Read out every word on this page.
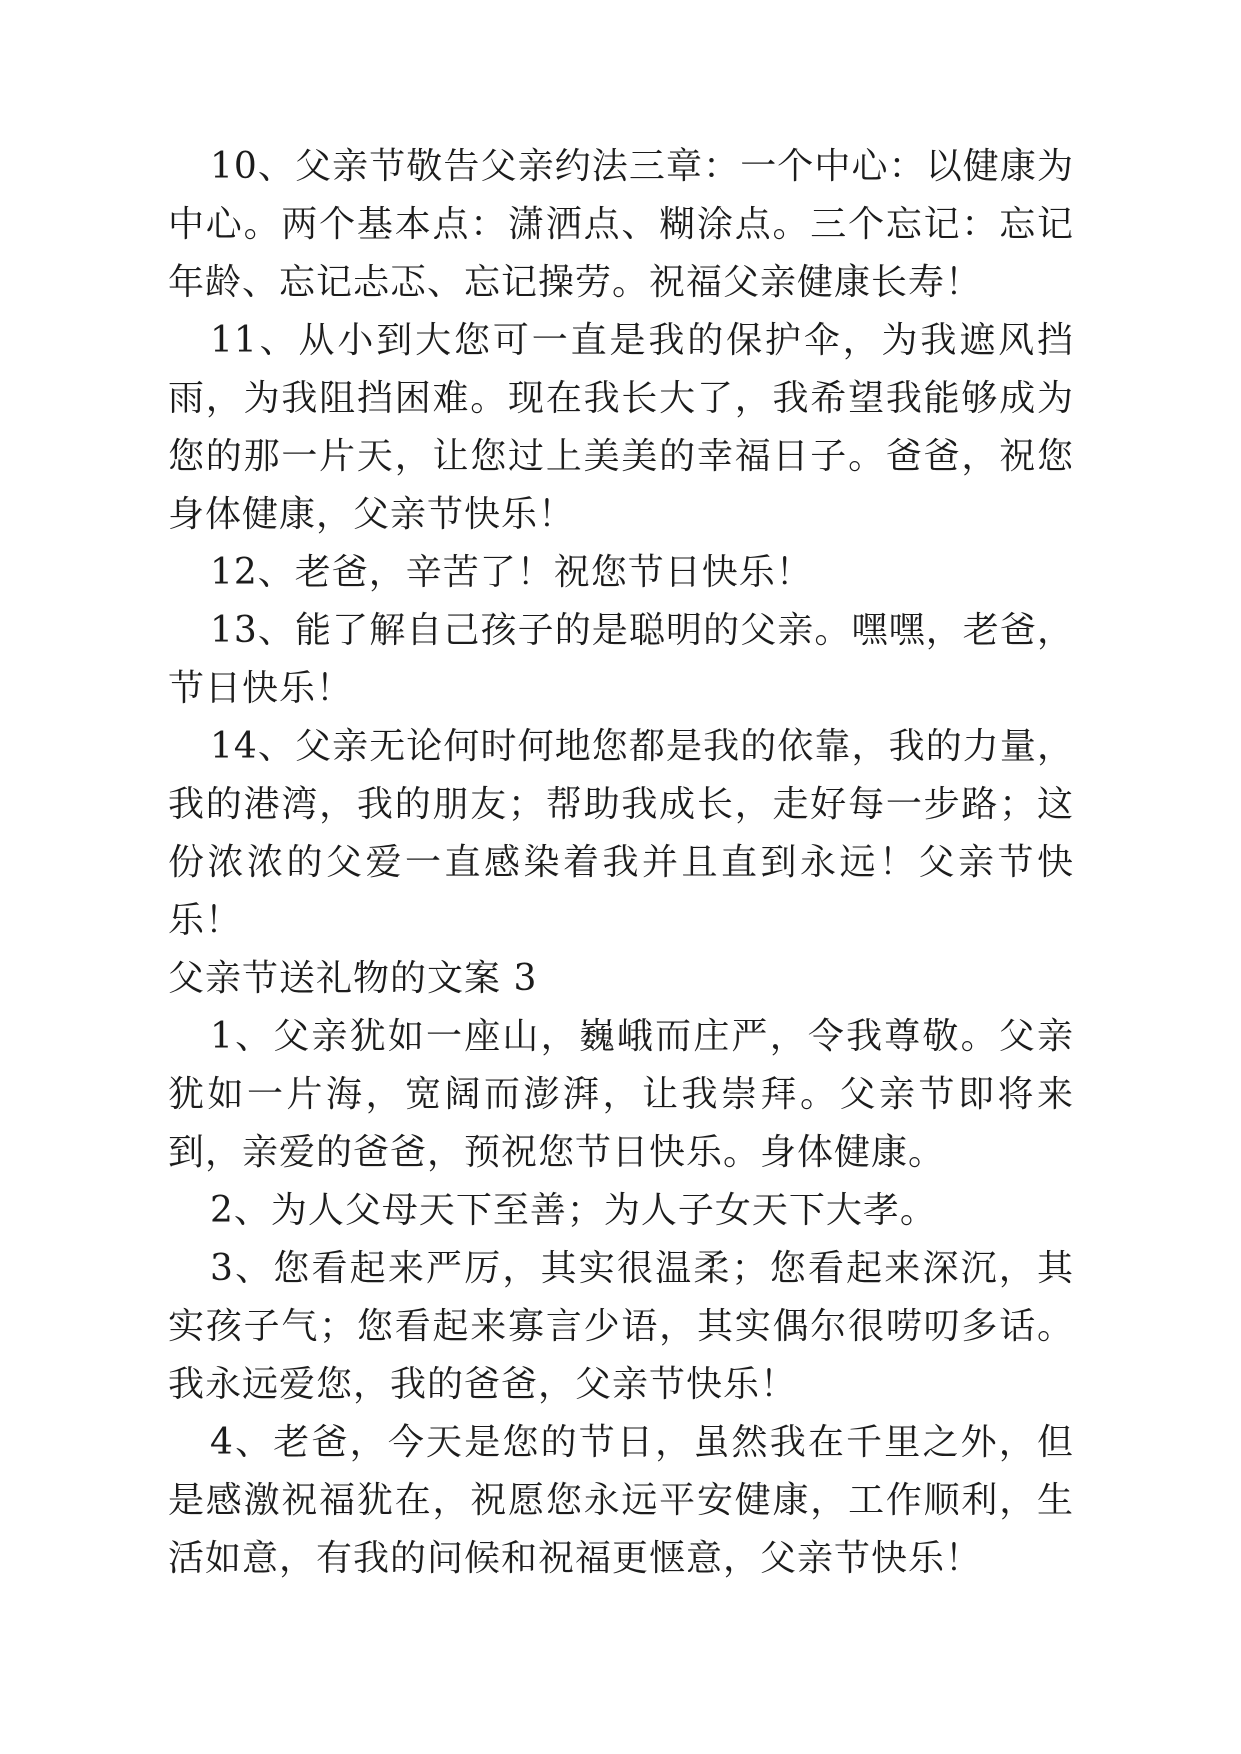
10、父亲节敬告父亲约法三章：一个中心：以健康为中心。两个基本点：潇洒点、糊涂点。三个忘记：忘记年龄、忘记忐忑、忘记操劳。祝福父亲健康长寿！

11、从小到大您可一直是我的保护伞，为我遮风挡雨，为我阻挡困难。现在我长大了，我希望我能够成为您的那一片天，让您过上美美的幸福日子。爸爸，祝您身体健康，父亲节快乐！

12、老爸，辛苦了！祝您节日快乐！

13、能了解自己孩子的是聪明的父亲。嘿嘿，老爸，节日快乐！

14、父亲无论何时何地您都是我的依靠，我的力量，我的港湾，我的朋友；帮助我成长，走好每一步路；这份浓浓的父爱一直感染着我并且直到永远！父亲节快乐！

父亲节送礼物的文案 3

1、父亲犹如一座山，巍峨而庄严，令我尊敬。父亲犹如一片海，宽阔而澎湃，让我崇拜。父亲节即将来到，亲爱的爸爸，预祝您节日快乐。身体健康。

2、为人父母天下至善；为人子女天下大孝。

3、您看起来严厉，其实很温柔；您看起来深沉，其实孩子气；您看起来寡言少语，其实偶尔很唠叨多话。我永远爱您，我的爸爸，父亲节快乐！

4、老爸，今天是您的节日，虽然我在千里之外，但是感激祝福犹在，祝愿您永远平安健康，工作顺利，生活如意，有我的问候和祝福更惬意，父亲节快乐！
